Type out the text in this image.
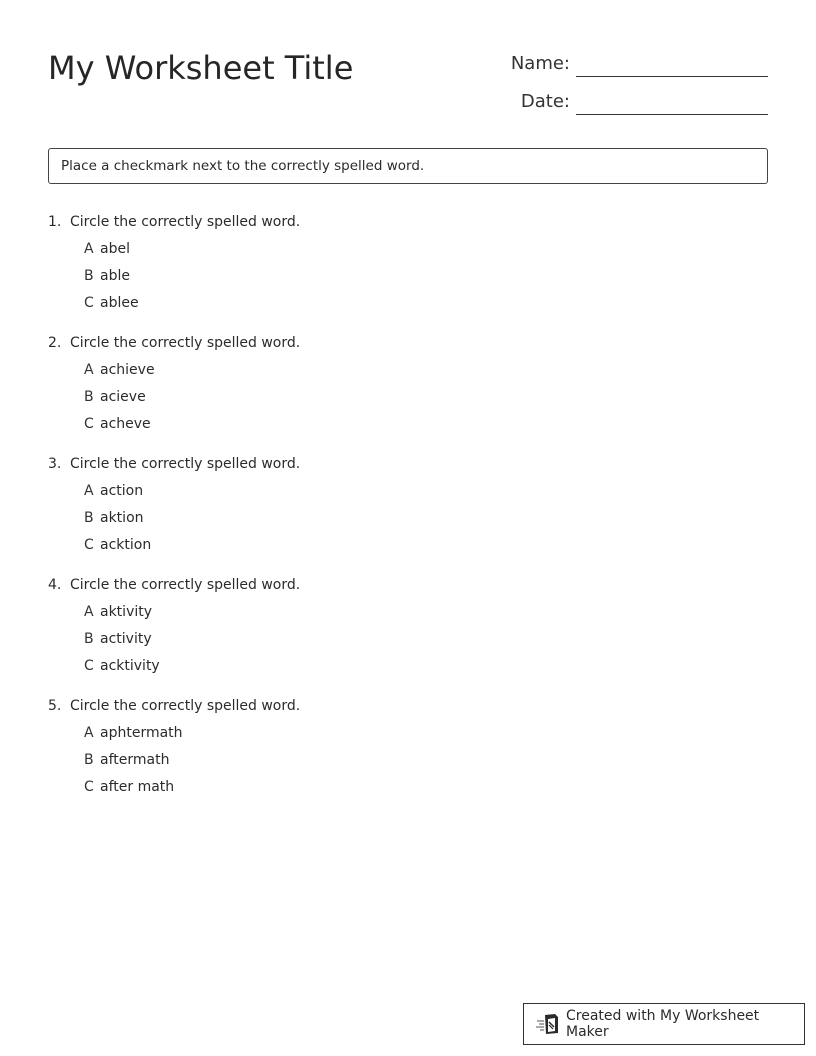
My Worksheet Title	Name:
Date:
Place a checkmark next to the correctly spelled word.
1. Circle the correctly spelled word.
A abel
B able
C ablee
2. Circle the correctly spelled word.
A achieve
B acieve
C acheve
3. Circle the correctly spelled word.
A action
B aktion
C acktion
4. Circle the correctly spelled word.
A aktivity
B activity
C acktivity
5. Circle the correctly spelled word.
A aphtermath
B aftermath
C after math
Created with My Worksheet Maker
